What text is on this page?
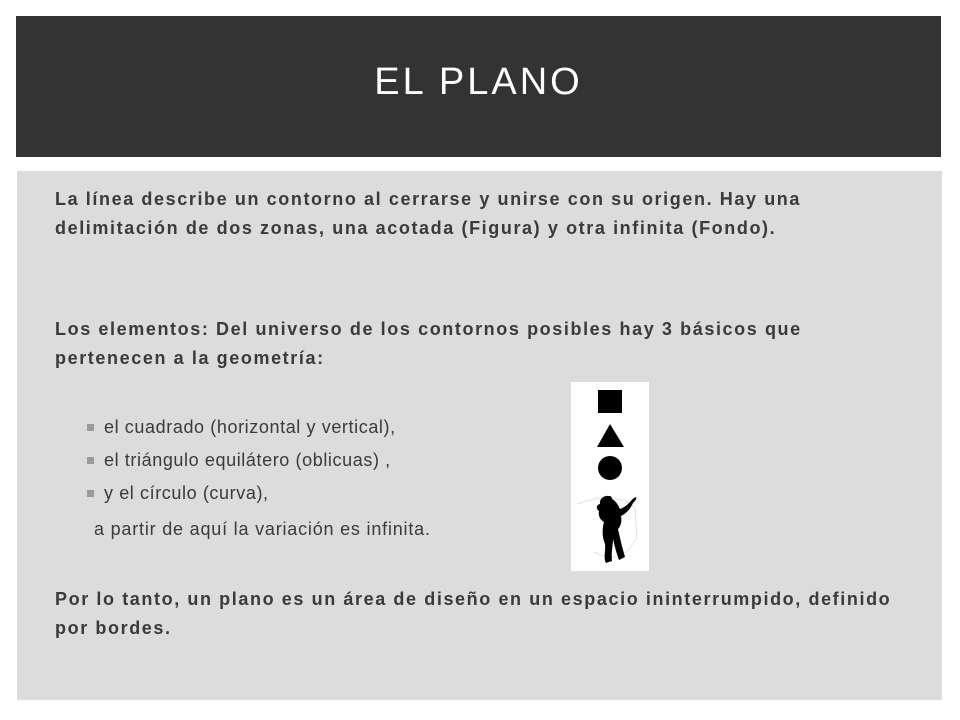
EL PLANO

La línea describe un contorno al cerrarse y unirse con su origen. Hay una delimitación de dos zonas, una acotada (Figura) y otra infinita (Fondo).

Los elementos: Del universo de los contornos posibles hay 3 básicos que pertenecen a la geometría:

el cuadrado (horizontal y vertical),
el triángulo equilátero (oblicuas) ,
y el círculo (curva),

a partir de aquí la variación es infinita.

Por lo tanto, un plano es un área de diseño en un espacio ininterrumpido, definido por bordes.
